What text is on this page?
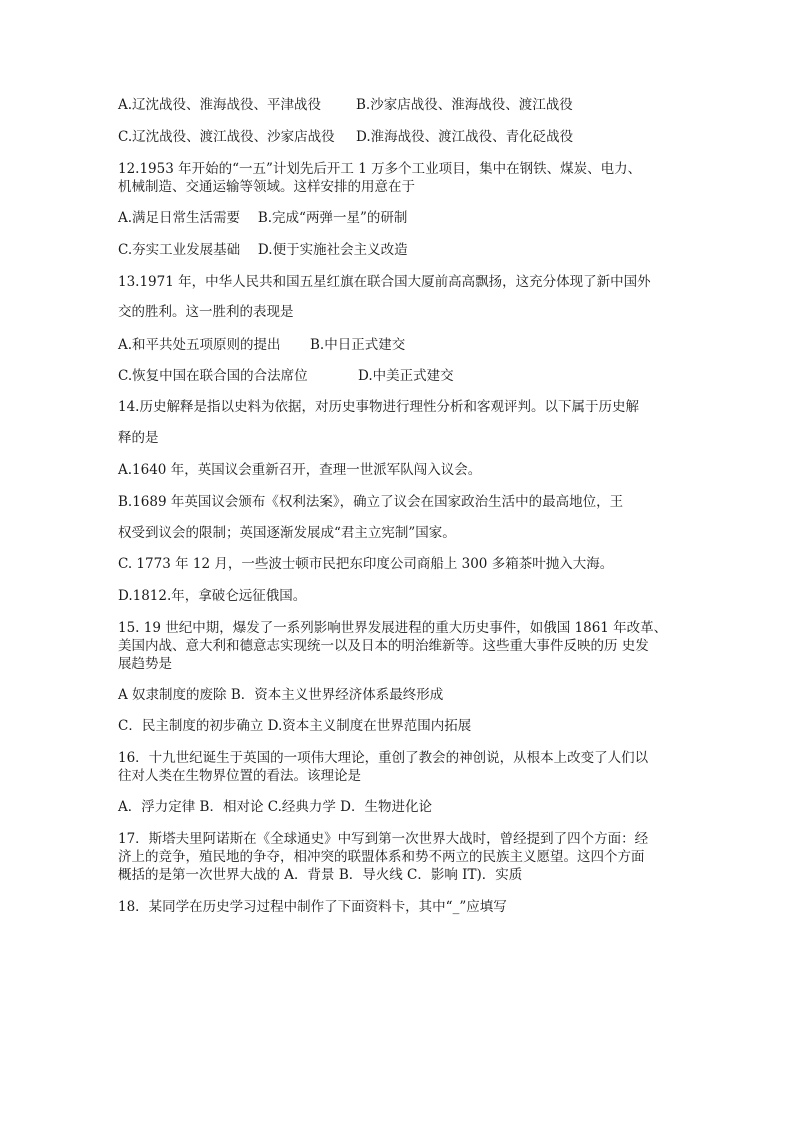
A.辽沈战役、淮海战役、平津战役	B.沙家店战役、淮海战役、渡江战役
C.辽沈战役、渡江战役、沙家店战役 D.淮海战役、渡江战役、青化砭战役
12.1953 年开始的“一五”计划先后开工 1 万多个工业项目，集中在钢铁、煤炭、电力、
机械制造、交通运输等领域。这样安排的用意在于
A.满足日常生活需要　 B.完成“两弹一星”的研制
C.夯实工业发展基础　 D.便于实施社会主义改造
13.1971 年，中华人民共和国五星红旗在联合国大厦前高高飘扬，这充分体现了新中国外
交的胜利。这一胜利的表现是
A.和平共处五项原则的提出 B.中日正式建交
C.恢复中国在联合国的合法席位	D.中美正式建交
14.历史解释是指以史料为依据，对历史事物进行理性分析和客观评判。以下属于历史解
释的是
A.1640 年，英国议会重新召开，查理一世派军队闯入议会。
B.1689 年英国议会颁布《权利法案》，确立了议会在国家政治生活中的最高地位，王
权受到议会的限制；英国逐渐发展成“君主立宪制”国家。
C. 1773 年 12 月，一些波士顿市民把东印度公司商船上 300 多箱茶叶抛入大海。
D.1812.年，拿破仑远征俄国。
15. 19 世纪中期，爆发了一系列影响世界发展进程的重大历史事件，如俄国 1861 年改革、
美国内战、意大利和德意志实现统一以及日本的明治维新等。这些重大事件反映的历 史发
展趋势是
A 奴隶制度的废除 B．资本主义世界经济体系最终形成
C．民主制度的初步确立 D.资本主义制度在世界范围内拓展
16．十九世纪诞生于英国的一项伟大理论，重创了教会的神创说，从根本上改变了人们以
往对人类在生物界位置的看法。该理论是
A．浮力定律 B．相对论 C.经典力学 D．生物进化论
17．斯塔夫里阿诺斯在《全球通史》中写到第一次世界大战时，曾经提到了四个方面：经
济上的竞争，殖民地的争夺，相冲突的联盟体系和势不两立的民族主义愿望。这四个方面
概括的是第一次世界大战的 A．背景 B．导火线 C．影响 IT)．实质
18．某同学在历史学习过程中制作了下面资料卡，其中“_”应填写
